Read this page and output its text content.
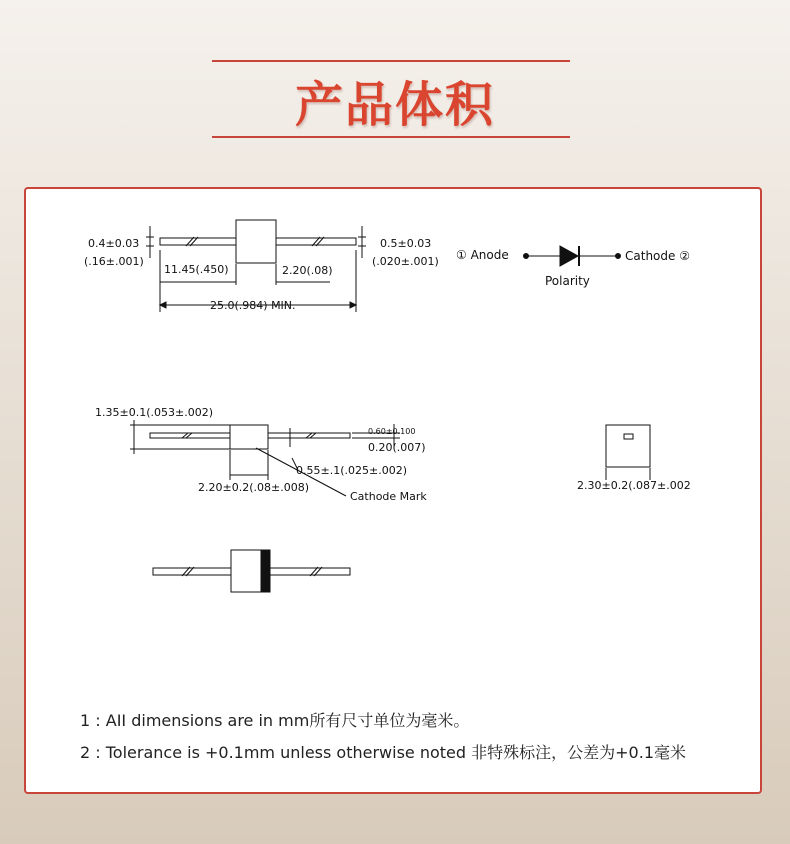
产品体积
0.4±0.03
(.16±.001)
11.45(.450)	2.20(.08)
0.5±0.03
(.020±.001)
25.0(.984) MIN.
① Anode	Cathode ②
Polarity
1.35±0.1(.053±.002)
0.60±0.100
0.20(.007)
0.55±.1(.025±.002)
2.20±0.2(.08±.008)
Cathode Mark
2.30±0.2(.087±.002
1 : AII dimensions are in mm所有尺寸单位为毫米。
2 : Tolerance is +0.1mm unless otherwise noted 非特殊标注，公差为+0.1毫米
